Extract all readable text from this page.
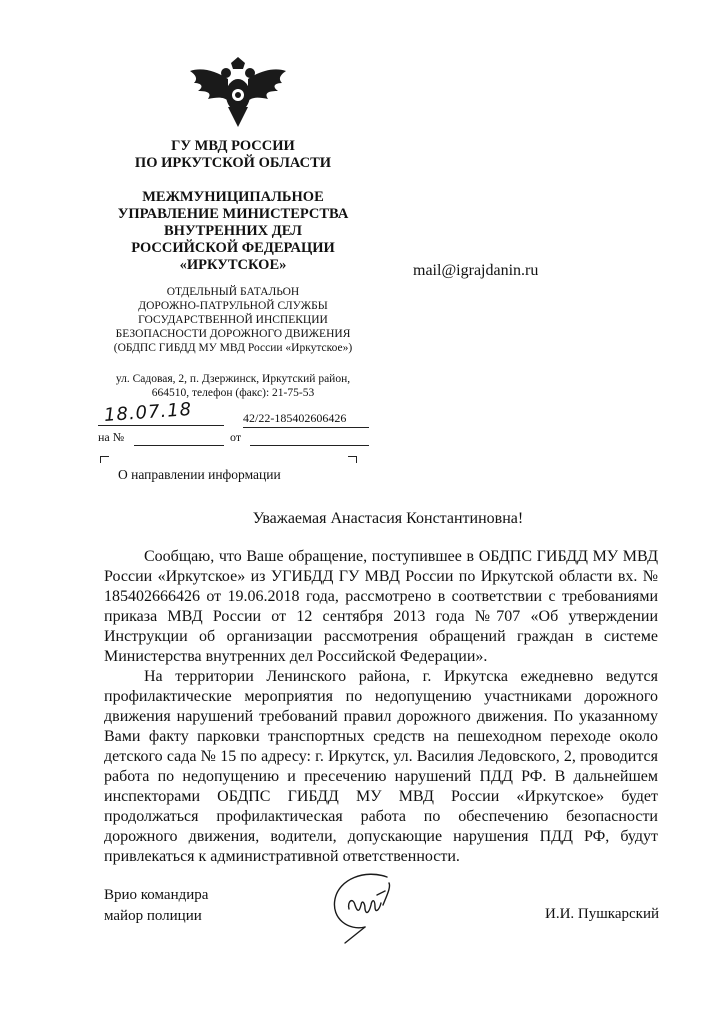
ГУ МВД РОССИИ
ПО ИРКУТСКОЙ ОБЛАСТИ
МЕЖМУНИЦИПАЛЬНОЕ
УПРАВЛЕНИЕ МИНИСТЕРСТВА
ВНУТРЕННИХ ДЕЛ
РОССИЙСКОЙ ФЕДЕРАЦИИ
«ИРКУТСКОЕ»
ОТДЕЛЬНЫЙ БАТАЛЬОН
ДОРОЖНО-ПАТРУЛЬНОЙ СЛУЖБЫ
ГОСУДАРСТВЕННОЙ ИНСПЕКЦИИ
БЕЗОПАСНОСТИ ДОРОЖНОГО ДВИЖЕНИЯ
(ОБДПС ГИБДД МУ МВД России «Иркутское»)
ул. Садовая, 2, п. Дзержинск, Иркутский район,
664510, телефон (факс): 21-75-53
mail@igrajdanin.ru
18.07.18	42/22-185402606426
на №	от
О направлении информации
Уважаемая Анастасия Константиновна!

Сообщаю, что Ваше обращение, поступившее в ОБДПС ГИБДД МУ МВД России «Иркутское» из УГИБДД ГУ МВД России по Иркутской области вх. № 185402666426 от 19.06.2018 года, рассмотрено в соответствии с требованиями приказа МВД России от 12 сентября 2013 года №707 «Об утверждении Инструкции об организации рассмотрения обращений граждан в системе Министерства внутренних дел Российской Федерации».

На территории Ленинского района, г. Иркутска ежедневно ведутся профилактические мероприятия по недопущению участниками дорожного движения нарушений требований правил дорожного движения. По указанному Вами факту парковки транспортных средств на пешеходном переходе около детского сада № 15 по адресу: г. Иркутск, ул. Василия Ледовского, 2, проводится работа по недопущению и пресечению нарушений ПДД РФ. В дальнейшем инспекторами ОБДПС ГИБДД МУ МВД России «Иркутское» будет продолжаться профилактическая работа по обеспечению безопасности дорожного движения, водители, допускающие нарушения ПДД РФ, будут привлекаться к административной ответственности.

Врио командира
майор полиции	И.И. Пушкарский
